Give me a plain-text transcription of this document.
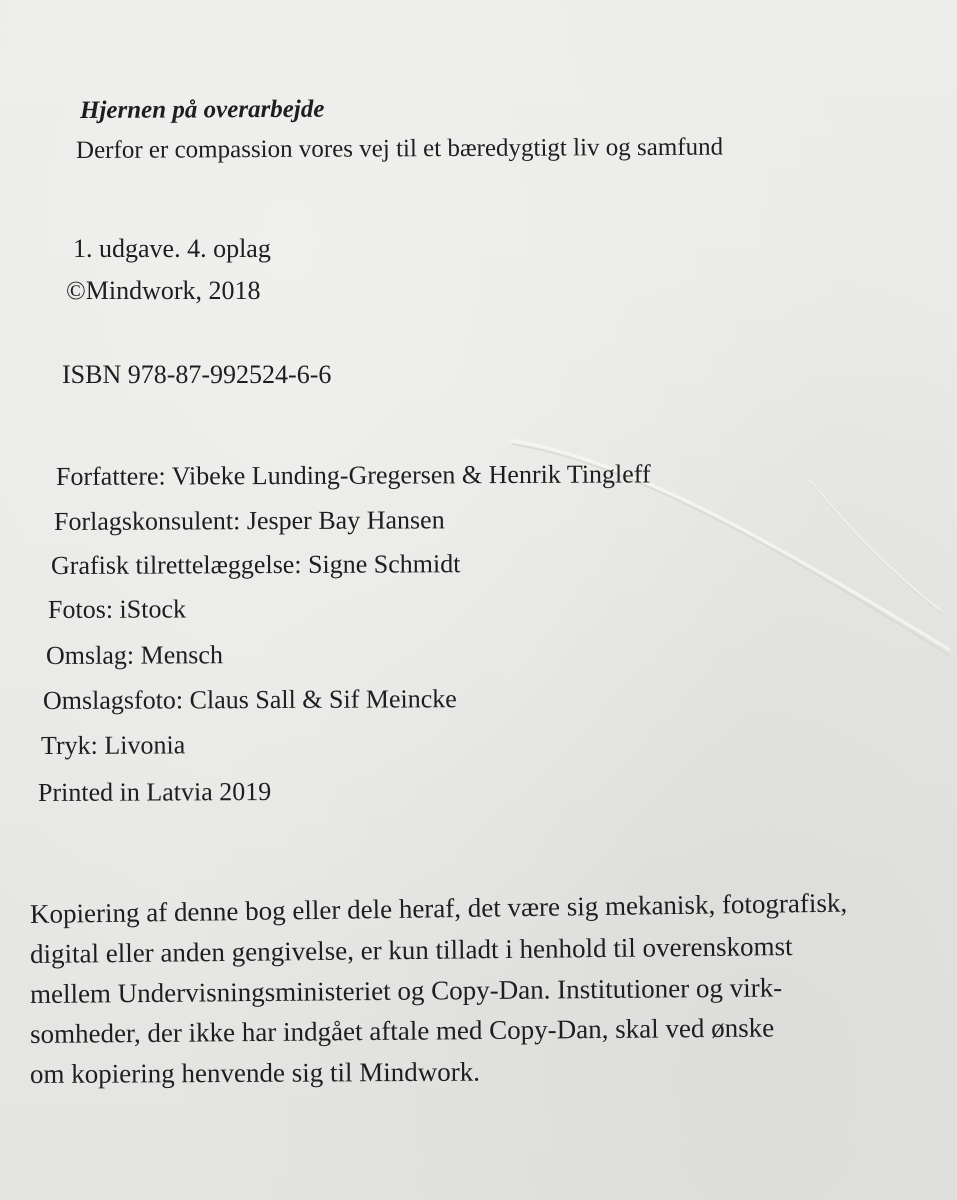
Hjernen på overarbejde
Derfor er compassion vores vej til et bæredygtigt liv og samfund
1. udgave. 4. oplag
©Mindwork, 2018
ISBN 978-87-992524-6-6
Forfattere: Vibeke Lunding-Gregersen & Henrik Tingleff
Forlagskonsulent: Jesper Bay Hansen
Grafisk tilrettelæggelse: Signe Schmidt
Fotos: iStock
Omslag: Mensch
Omslagsfoto: Claus Sall & Sif Meincke
Tryk: Livonia
Printed in Latvia 2019
Kopiering af denne bog eller dele heraf, det være sig mekanisk, fotografisk,
digital eller anden gengivelse, er kun tilladt i henhold til overenskomst
mellem Undervisningsministeriet og Copy-Dan. Institutioner og virk-
somheder, der ikke har indgået aftale med Copy-Dan, skal ved ønske
om kopiering henvende sig til Mindwork.
